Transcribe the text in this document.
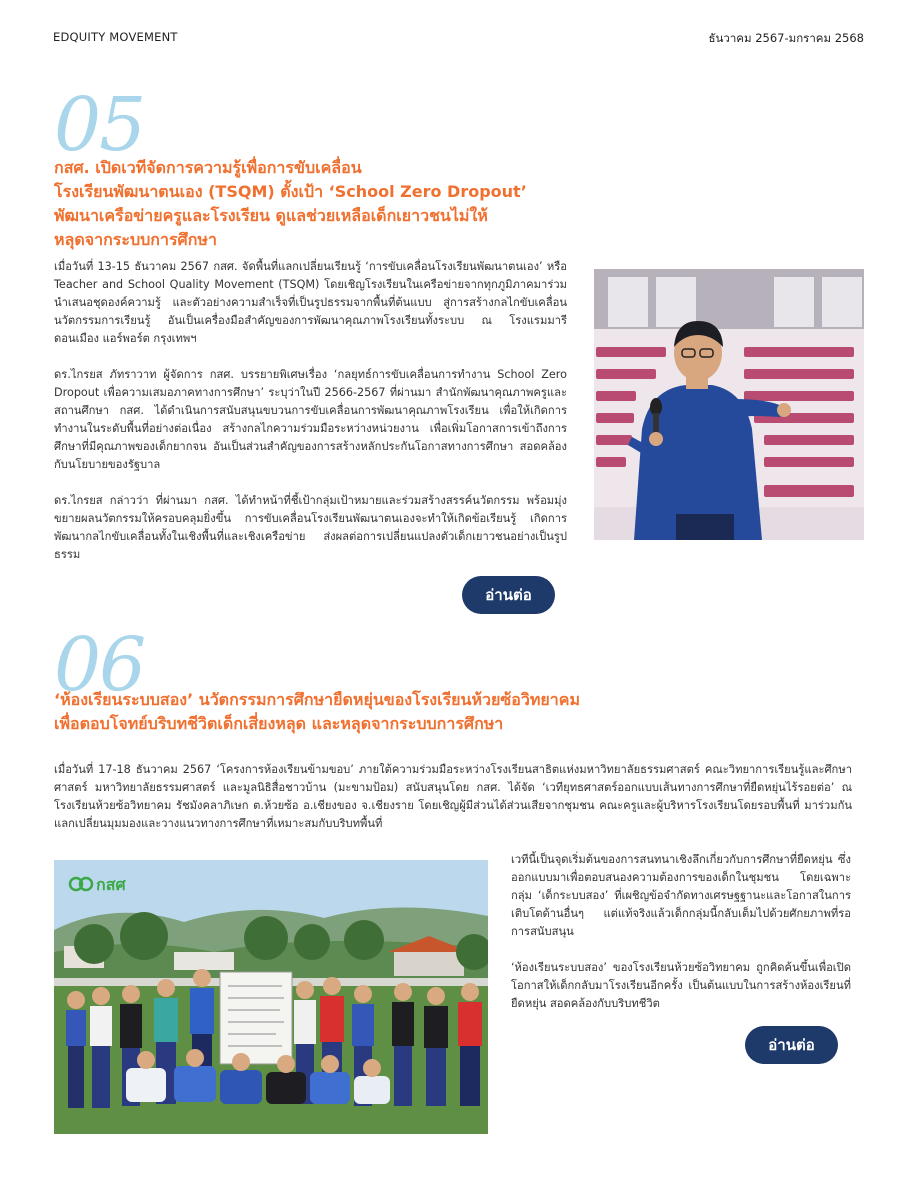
EDQUITY MOVEMENT	ธันวาคม 2567-มกราคม 2568
05
กสศ. เปิดเวทีจัดการความรู้เพื่อการขับเคลื่อน
โรงเรียนพัฒนาตนเอง (TSQM) ตั้งเป้า ‘School Zero Dropout’
พัฒนาเครือข่ายครูและโรงเรียน ดูแลช่วยเหลือเด็กเยาวชนไม่ให้
หลุดจากระบบการศึกษา

เมื่อวันที่ 13-15 ธันวาคม 2567 กสศ. จัดพื้นที่แลกเปลี่ยนเรียนรู้ ‘การขับเคลื่อนโรงเรียนพัฒนาตนเอง’ หรือ Teacher and School Quality Movement (TSQM) โดยเชิญโรงเรียนในเครือข่ายจากทุกภูมิภาคมาร่วมนำเสนอชุดองค์ความรู้ และตัวอย่างความสำเร็จที่เป็นรูปธรรมจากพื้นที่ต้นแบบ สู่การสร้างกลไกขับเคลื่อนนวัตกรรมการเรียนรู้ อันเป็นเครื่องมือสำคัญของการพัฒนาคุณภาพโรงเรียนทั้งระบบ ณ โรงแรมมารี ดอนเมือง แอร์พอร์ต กรุงเทพฯ

ดร.ไกรยส ภัทราวาท ผู้จัดการ กสศ. บรรยายพิเศษเรื่อง ‘กลยุทธ์การขับเคลื่อนการทำงาน School Zero Dropout เพื่อความเสมอภาคทางการศึกษา’ ระบุว่าในปี 2566-2567 ที่ผ่านมา สำนักพัฒนาคุณภาพครูและสถานศึกษา กสศ. ได้ดำเนินการสนับสนุนขบวนการขับเคลื่อนการพัฒนาคุณภาพโรงเรียน เพื่อให้เกิดการทำงานในระดับพื้นที่อย่างต่อเนื่อง สร้างกลไกความร่วมมือระหว่างหน่วยงาน เพื่อเพิ่มโอกาสการเข้าถึงการศึกษาที่มีคุณภาพของเด็กยากจน อันเป็นส่วนสำคัญของการสร้างหลักประกันโอกาสทางการศึกษา สอดคล้องกับนโยบายของรัฐบาล

ดร.ไกรยส กล่าวว่า ที่ผ่านมา กสศ. ได้ทำหน้าที่ชี้เป้ากลุ่มเป้าหมายและร่วมสร้างสรรค์นวัตกรรม พร้อมมุ่งขยายผลนวัตกรรมให้ครอบคลุมยิ่งขึ้น การขับเคลื่อนโรงเรียนพัฒนาตนเองจะทำให้เกิดข้อเรียนรู้ เกิดการพัฒนากลไกขับเคลื่อนทั้งในเชิงพื้นที่และเชิงเครือข่าย ส่งผลต่อการเปลี่ยนแปลงตัวเด็กเยาวชนอย่างเป็นรูปธรรม

อ่านต่อ
06
‘ห้องเรียนระบบสอง’ นวัตกรรมการศึกษายืดหยุ่นของโรงเรียนห้วยซ้อวิทยาคม
เพื่อตอบโจทย์บริบทชีวิตเด็กเสี่ยงหลุด และหลุดจากระบบการศึกษา

เมื่อวันที่ 17-18 ธันวาคม 2567 ‘โครงการห้องเรียนข้ามขอบ’ ภายใต้ความร่วมมือระหว่างโรงเรียนสาธิตแห่งมหาวิทยาลัยธรรมศาสตร์ คณะวิทยาการเรียนรู้และศึกษาศาสตร์ มหาวิทยาลัยธรรมศาสตร์ และมูลนิธิสื่อชาวบ้าน (มะขามป้อม) สนับสนุนโดย กสศ. ได้จัด ‘เวทียุทธศาสตร์ออกแบบเส้นทางการศึกษาที่ยืดหยุ่นไร้รอยต่อ’ ณ โรงเรียนห้วยซ้อวิทยาคม รัชมังคลาภิเษก ต.ห้วยซ้อ อ.เชียงของ จ.เชียงราย โดยเชิญผู้มีส่วนได้ส่วนเสียจากชุมชน คณะครูและผู้บริหารโรงเรียนโดยรอบพื้นที่ มาร่วมกันแลกเปลี่ยนมุมมองและวางแนวทางการศึกษาที่เหมาะสมกับบริบทพื้นที่

กสศ

เวทีนี้เป็นจุดเริ่มต้นของการสนทนาเชิงลึกเกี่ยวกับการศึกษาที่ยืดหยุ่น ซึ่งออกแบบมาเพื่อตอบสนองความต้องการของเด็กในชุมชน โดยเฉพาะกลุ่ม ‘เด็กระบบสอง’ ที่เผชิญข้อจำกัดทางเศรษฐฐานะและโอกาสในการเติบโตด้านอื่นๆ แต่แท้จริงแล้วเด็กกลุ่มนี้กลับเต็มไปด้วยศักยภาพที่รอการสนับสนุน

‘ห้องเรียนระบบสอง’ ของโรงเรียนห้วยซ้อวิทยาคม ถูกคิดค้นขึ้นเพื่อเปิดโอกาสให้เด็กกลับมาโรงเรียนอีกครั้ง เป็นต้นแบบในการสร้างห้องเรียนที่ยืดหยุ่น สอดคล้องกับบริบทชีวิต

อ่านต่อ
